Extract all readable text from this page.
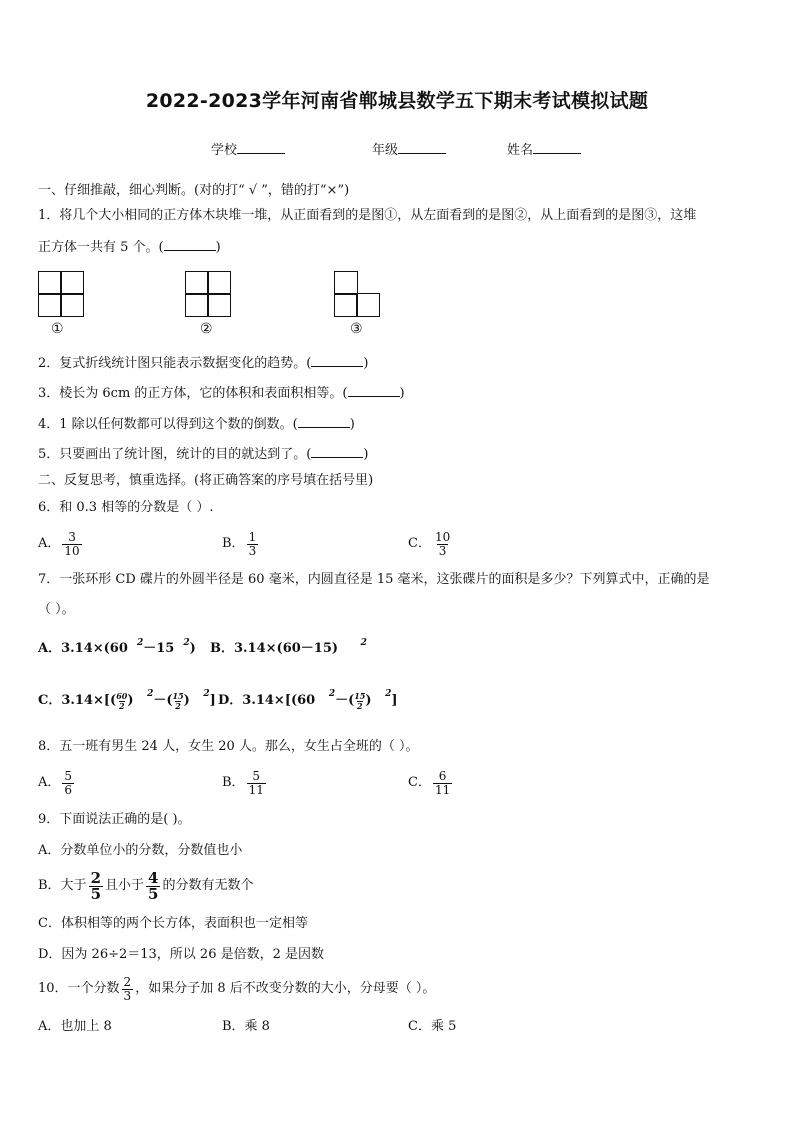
2022-2023学年河南省郸城县数学五下期末考试模拟试题
学校	年级	姓名
一、仔细推敲，细心判断。(对的打“ √ ”，错的打“×”)
1．将几个大小相同的正方体木块堆一堆，从正面看到的是图①，从左面看到的是图②，从上面看到的是图③，这堆
正方体一共有 5 个。(	)
①	②	③
2．复式折线统计图只能表示数据变化的趋势。(	)
3．棱长为 6cm 的正方体，它的体积和表面积相等。(	)
4．1 除以任何数都可以得到这个数的倒数。(	)
5．只要画出了统计图，统计的目的就达到了。(	)
二、反复思考，慎重选择。(将正确答案的序号填在括号里)
6．和 0.3 相等的分数是（ ）.
A． $\frac{3}{10}$	B． $\frac{1}{3}$	C． $\frac{10}{3}$
7．一张环形 CD 碟片的外圆半径是 60 毫米，内圆直径是 15 毫米，这张碟片的面积是多少？下列算式中，正确的是
（ ）。
A．3.14×(60 $^2$－15 $^2$) B．3.14×(60－15)	$^2$
C．3.14×[( 60
2 )
2 －( 15
2 )
2 ] D．3.14×[(60
2 －( 15
2 )
2 ]
8．五一班有男生 24 人，女生 20 人。那么，女生占全班的（ ）。
A． $\frac{5}{6}$	B． $\frac{5}{11}$	C． $\frac{6}{11}$
9．下面说法正确的是( )。
A．分数单位小的分数，分数值也小
B．大于 $\frac{2}{5}$ 且小于 $\frac{4}{5}$ 的分数有无数个
C．体积相等的两个长方体，表面积也一定相等
D．因为 26÷2＝13，所以 26 是倍数，2 是因数
10．一个分数 $\frac{2}{3}$ ，如果分子加 8 后不改变分数的大小，分母要（ ）。
A．也加上 8	B．乘 8	C．乘 5
